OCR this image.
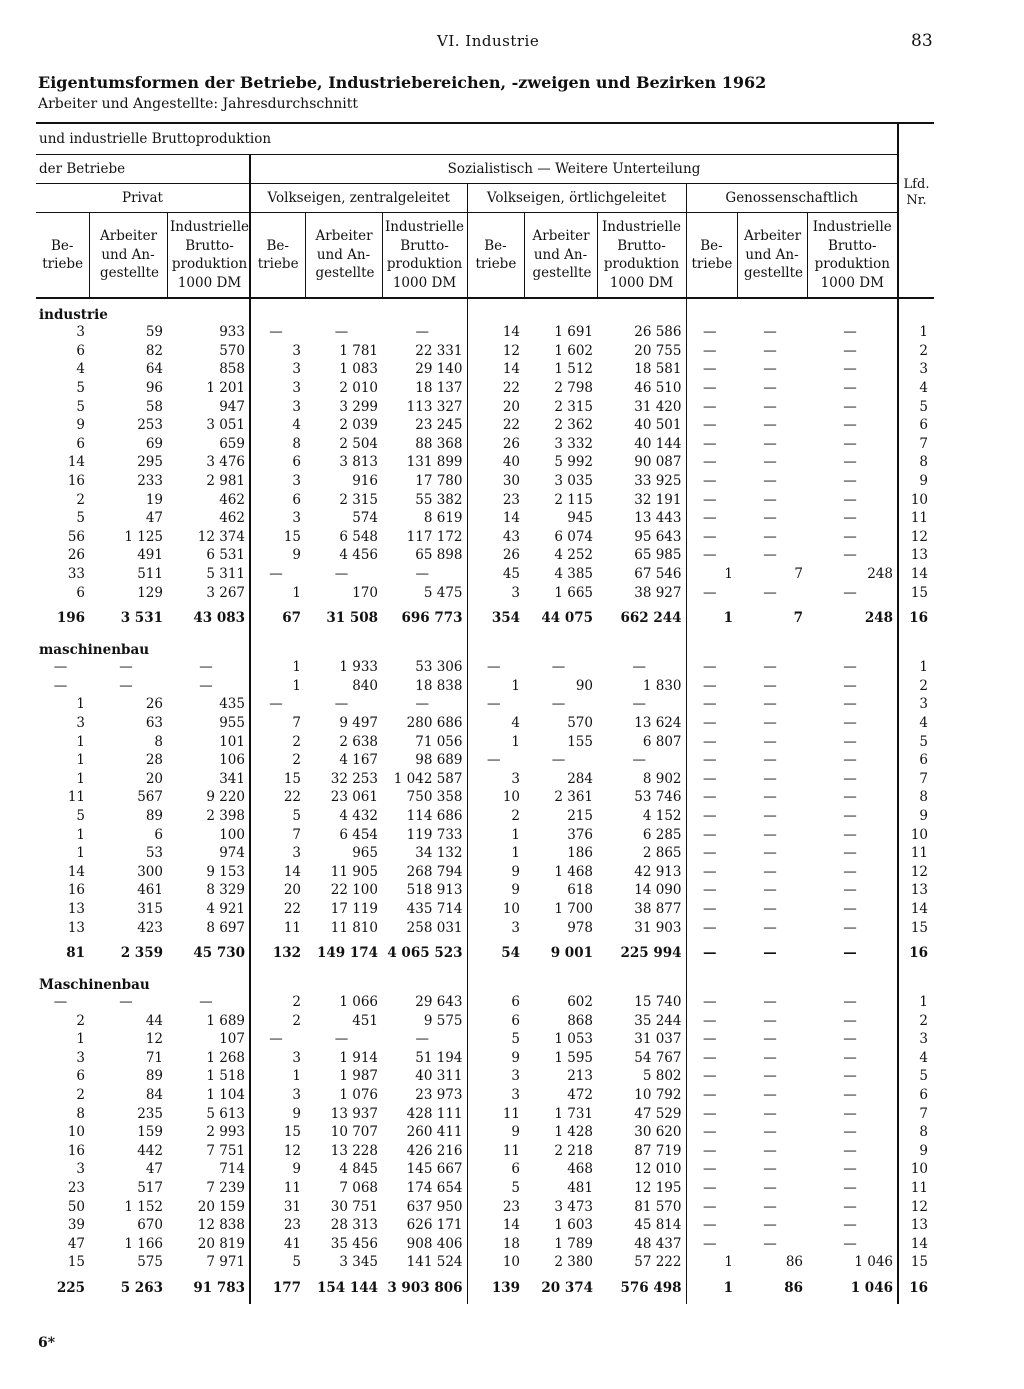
VI. Industrie	83
Eigentumsformen der Betriebe, Industriebereichen, -zweigen und Bezirken 1962
Arbeiter und Angestellte: Jahresdurchschnitt
und industrielle Bruttoproduktion												Lfd. Nr.
der Betriebe			Sozialistisch — Weitere Unterteilung									
Privat			Volkseigen, zentralgeleitet			Volkseigen, örtlichgeleitet			Genossenschaftlich			
Be- triebe	Arbeiter und An- gestellte	Industrielle Brutto- produktion 1000 DM	Be- triebe	Arbeiter und An- gestellte	Industrielle Brutto- produktion 1000 DM	Be- triebe	Arbeiter und An- gestellte	Industrielle Brutto- produktion 1000 DM	Be- triebe	Arbeiter und An- gestellte	Industrielle Brutto- produktion 1000 DM	
industrie												
3	59	933	—	—	—	14	1 691	26 586	—	—	—	1
6	82	570	3	1 781	22 331	12	1 602	20 755	—	—	—	2
4	64	858	3	1 083	29 140	14	1 512	18 581	—	—	—	3
5	96	1 201	3	2 010	18 137	22	2 798	46 510	—	—	—	4
5	58	947	3	3 299	113 327	20	2 315	31 420	—	—	—	5
9	253	3 051	4	2 039	23 245	22	2 362	40 501	—	—	—	6
6	69	659	8	2 504	88 368	26	3 332	40 144	—	—	—	7
14	295	3 476	6	3 813	131 899	40	5 992	90 087	—	—	—	8
16	233	2 981	3	916	17 780	30	3 035	33 925	—	—	—	9
2	19	462	6	2 315	55 382	23	2 115	32 191	—	—	—	10
5	47	462	3	574	8 619	14	945	13 443	—	—	—	11
56	1 125	12 374	15	6 548	117 172	43	6 074	95 643	—	—	—	12
26	491	6 531	9	4 456	65 898	26	4 252	65 985	—	—	—	13
33	511	5 311	—	—	—	45	4 385	67 546	1	7	248	14
6	129	3 267	1	170	5 475	3	1 665	38 927	—	—	—	15
196	3 531	43 083	67	31 508	696 773	354	44 075	662 244	1	7	248	16
maschinenbau												
—	—	—	1	1 933	53 306	—	—	—	—	—	—	1
—	—	—	1	840	18 838	1	90	1 830	—	—	—	2
1	26	435	—	—	—	—	—	—	—	—	—	3
3	63	955	7	9 497	280 686	4	570	13 624	—	—	—	4
1	8	101	2	2 638	71 056	1	155	6 807	—	—	—	5
1	28	106	2	4 167	98 689	—	—	—	—	—	—	6
1	20	341	15	32 253	1 042 587	3	284	8 902	—	—	—	7
11	567	9 220	22	23 061	750 358	10	2 361	53 746	—	—	—	8
5	89	2 398	5	4 432	114 686	2	215	4 152	—	—	—	9
1	6	100	7	6 454	119 733	1	376	6 285	—	—	—	10
1	53	974	3	965	34 132	1	186	2 865	—	—	—	11
14	300	9 153	14	11 905	268 794	9	1 468	42 913	—	—	—	12
16	461	8 329	20	22 100	518 913	9	618	14 090	—	—	—	13
13	315	4 921	22	17 119	435 714	10	1 700	38 877	—	—	—	14
13	423	8 697	11	11 810	258 031	3	978	31 903	—	—	—	15
81	2 359	45 730	132	149 174	4 065 523	54	9 001	225 994	—	—	—	16
Maschinenbau												
—	—	—	2	1 066	29 643	6	602	15 740	—	—	—	1
2	44	1 689	2	451	9 575	6	868	35 244	—	—	—	2
1	12	107	—	—	—	5	1 053	31 037	—	—	—	3
3	71	1 268	3	1 914	51 194	9	1 595	54 767	—	—	—	4
6	89	1 518	1	1 987	40 311	3	213	5 802	—	—	—	5
2	84	1 104	3	1 076	23 973	3	472	10 792	—	—	—	6
8	235	5 613	9	13 937	428 111	11	1 731	47 529	—	—	—	7
10	159	2 993	15	10 707	260 411	9	1 428	30 620	—	—	—	8
16	442	7 751	12	13 228	426 216	11	2 218	87 719	—	—	—	9
3	47	714	9	4 845	145 667	6	468	12 010	—	—	—	10
23	517	7 239	11	7 068	174 654	5	481	12 195	—	—	—	11
50	1 152	20 159	31	30 751	637 950	23	3 473	81 570	—	—	—	12
39	670	12 838	23	28 313	626 171	14	1 603	45 814	—	—	—	13
47	1 166	20 819	41	35 456	908 406	18	1 789	48 437	—	—	—	14
15	575	7 971	5	3 345	141 524	10	2 380	57 222	1	86	1 046	15
225	5 263	91 783	177	154 144	3 903 806	139	20 374	576 498	1	86	1 046	16
6*
